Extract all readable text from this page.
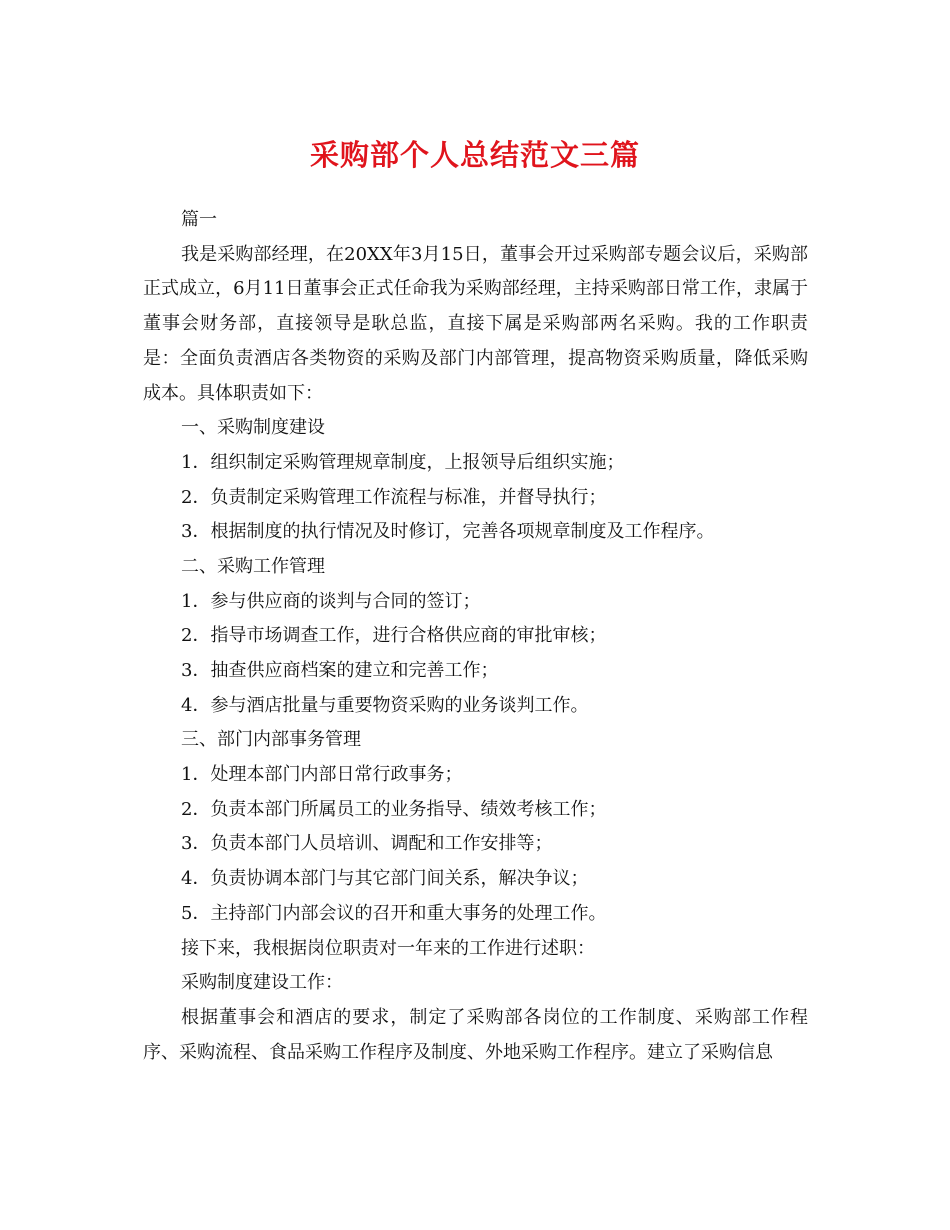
采购部个人总结范文三篇

篇一

我是采购部经理，在20XX年3月15日，董事会开过采购部专题会议后，采购部正式成立，6月11日董事会正式任命我为采购部经理，主持采购部日常工作，隶属于董事会财务部，直接领导是耿总监，直接下属是采购部两名采购。我的工作职责是：全面负责酒店各类物资的采购及部门内部管理，提高物资采购质量，降低采购成本。具体职责如下：

一、采购制度建设

1．组织制定采购管理规章制度，上报领导后组织实施；

2．负责制定采购管理工作流程与标准，并督导执行；

3．根据制度的执行情况及时修订，完善各项规章制度及工作程序。

二、采购工作管理

1．参与供应商的谈判与合同的签订；

2．指导市场调查工作，进行合格供应商的审批审核；

3．抽查供应商档案的建立和完善工作；

4．参与酒店批量与重要物资采购的业务谈判工作。

三、部门内部事务管理

1．处理本部门内部日常行政事务；

2．负责本部门所属员工的业务指导、绩效考核工作；

3．负责本部门人员培训、调配和工作安排等；

4．负责协调本部门与其它部门间关系，解决争议；

5．主持部门内部会议的召开和重大事务的处理工作。

接下来，我根据岗位职责对一年来的工作进行述职：

采购制度建设工作：

根据董事会和酒店的要求，制定了采购部各岗位的工作制度、采购部工作程序、采购流程、食品采购工作程序及制度、外地采购工作程序。建立了采购信息
